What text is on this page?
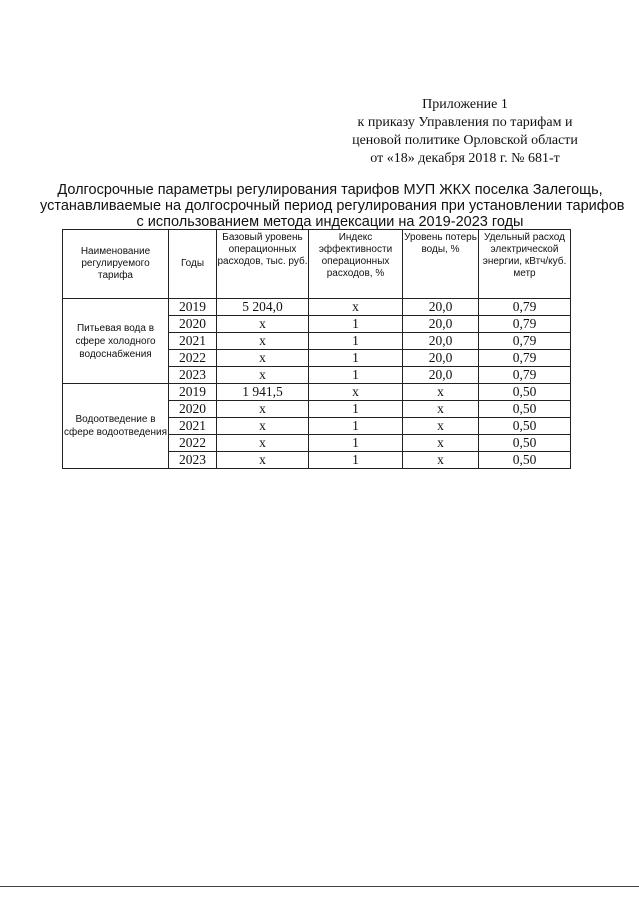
Приложение 1
к приказу Управления по тарифам и
ценовой политике Орловской области
от «18» декабря 2018 г. № 681-т
Долгосрочные параметры регулирования тарифов МУП ЖКХ поселка Залегощь,
устанавливаемые на долгосрочный период регулирования при установлении тарифов
с использованием метода индексации на 2019-2023 годы
Наименование регулируемого тарифа	Годы	Базовый уровень операционных расходов, тыс. руб.	Индекс эффективности операционных расходов, %	Уровень потерь воды, %	Удельный расход электрической энергии, кВтч/куб. метр
Питьевая вода в сфере холодного водоснабжения	2019	5 204,0	x	20,0	0,79
	2020	x	1	20,0	0,79
	2021	x	1	20,0	0,79
	2022	x	1	20,0	0,79
	2023	x	1	20,0	0,79
Водоотведение в сфере водоотведения	2019	1 941,5	x	x	0,50
	2020	x	1	x	0,50
	2021	x	1	x	0,50
	2022	x	1	x	0,50
	2023	x	1	x	0,50
